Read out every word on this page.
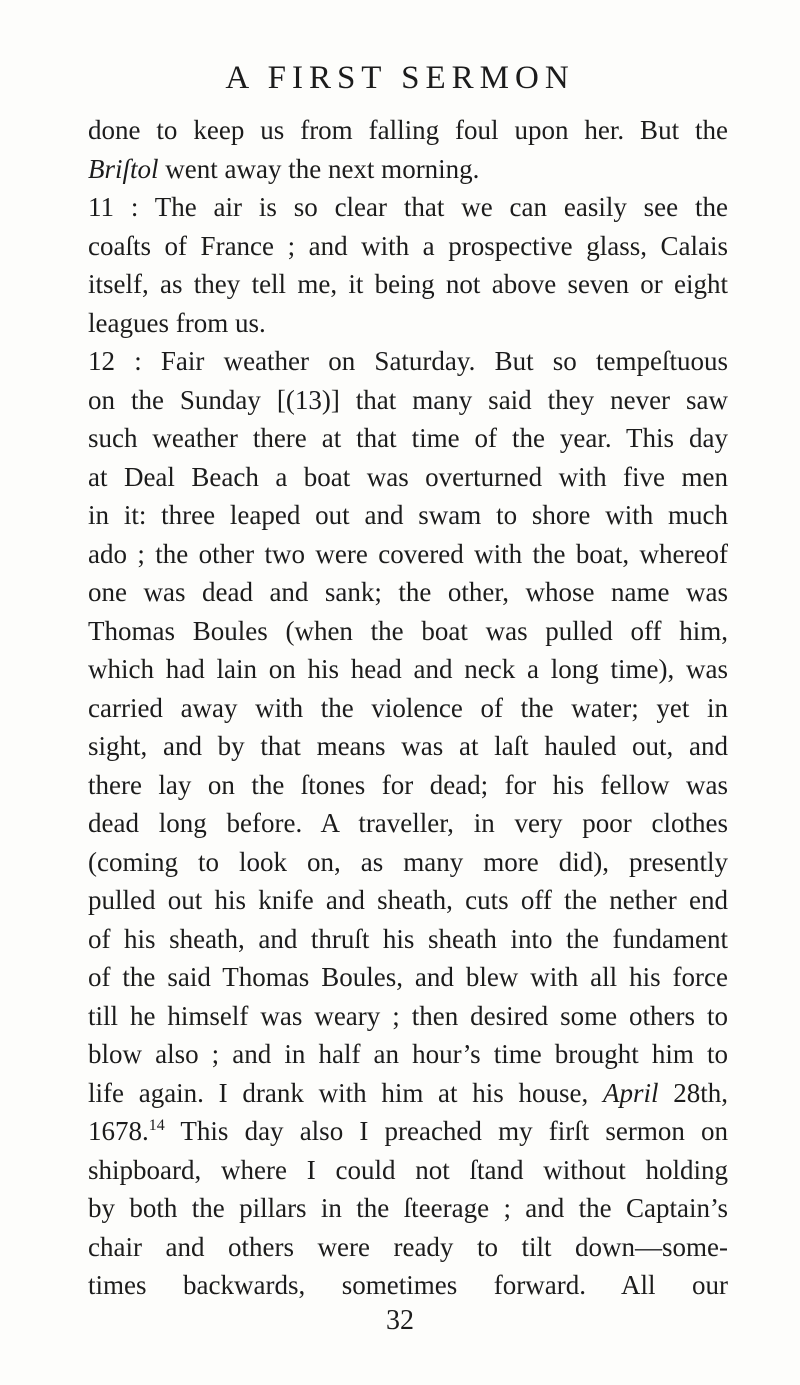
A FIRST SERMON
done to keep us from falling foul upon her. But the
Briſtol went away the next morning.
11 : The air is so clear that we can easily see the
coaſts of France ; and with a prospective glass, Calais
itself, as they tell me, it being not above seven or eight
leagues from us.
12 : Fair weather on Saturday. But so tempeſtuous
on the Sunday [(13)] that many said they never saw
such weather there at that time of the year. This day
at Deal Beach a boat was overturned with five men
in it: three leaped out and swam to shore with much
ado ; the other two were covered with the boat, whereof
one was dead and sank; the other, whose name was
Thomas Boules (when the boat was pulled off him,
which had lain on his head and neck a long time), was
carried away with the violence of the water; yet in
sight, and by that means was at laſt hauled out, and
there lay on the ſtones for dead; for his fellow was
dead long before. A traveller, in very poor clothes
(coming to look on, as many more did), presently
pulled out his knife and sheath, cuts off the nether end
of his sheath, and thruſt his sheath into the fundament
of the said Thomas Boules, and blew with all his force
till he himself was weary ; then desired some others to
blow also ; and in half an hour’s time brought him to
life again. I drank with him at his house, April 28th,
1678.14 This day also I preached my firſt sermon on
shipboard, where I could not ſtand without holding
by both the pillars in the ſteerage ; and the Captain’s
chair and others were ready to tilt down—some-
times backwards, sometimes forward. All our
32
